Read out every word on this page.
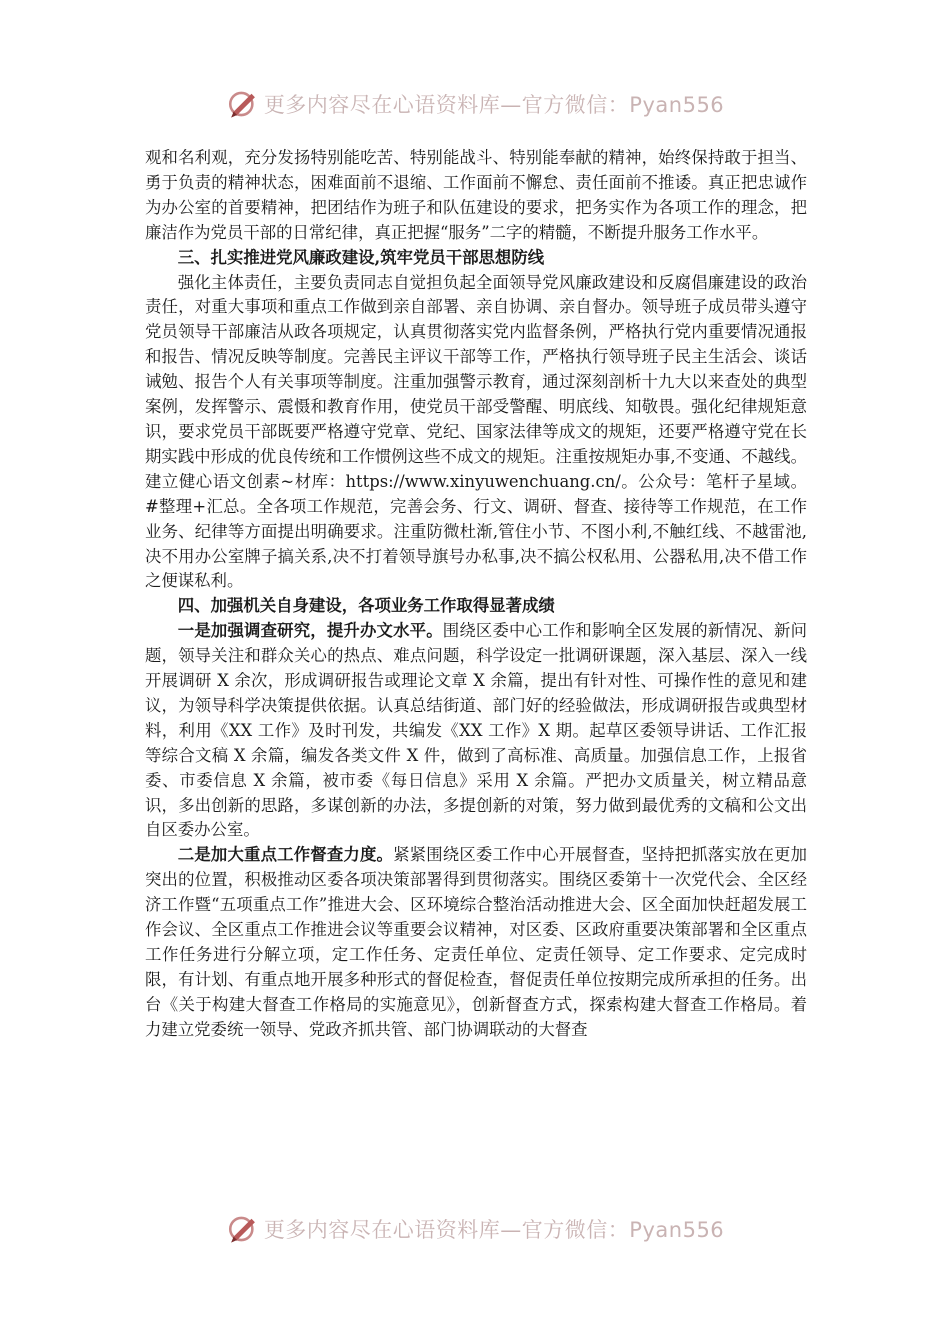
更多内容尽在心语资料库—官方微信：Pyan556

观和名利观，充分发扬特别能吃苦、特别能战斗、特别能奉献的精神，始终保持敢于担当、勇于负责的精神状态，困难面前不退缩、工作面前不懈怠、责任面前不推诿。真正把忠诚作为办公室的首要精神，把团结作为班子和队伍建设的要求，把务实作为各项工作的理念，把廉洁作为党员干部的日常纪律，真正把握“服务”二字的精髓，不断提升服务工作水平。

三、扎实推进党风廉政建设,筑牢党员干部思想防线

强化主体责任，主要负责同志自觉担负起全面领导党风廉政建设和反腐倡廉建设的政治责任，对重大事项和重点工作做到亲自部署、亲自协调、亲自督办。领导班子成员带头遵守党员领导干部廉洁从政各项规定，认真贯彻落实党内监督条例，严格执行党内重要情况通报和报告、情况反映等制度。完善民主评议干部等工作，严格执行领导班子民主生活会、谈话诫勉、报告个人有关事项等制度。注重加强警示教育，通过深刻剖析十九大以来查处的典型案例，发挥警示、震慑和教育作用，使党员干部受警醒、明底线、知敬畏。强化纪律规矩意识，要求党员干部既要严格遵守党章、党纪、国家法律等成文的规矩，还要严格遵守党在长期实践中形成的优良传统和工作惯例这些不成文的规矩。注重按规矩办事,不变通、不越线。建立健心语文创素~材库：https://www.xinyuwenchuang.cn/。公众号：笔杆子星域。#整理+汇总。全各项工作规范，完善会务、行文、调研、督查、接待等工作规范，在工作业务、纪律等方面提出明确要求。注重防微杜渐,管住小节、不图小利,不触红线、不越雷池,决不用办公室牌子搞关系,决不打着领导旗号办私事,决不搞公权私用、公器私用,决不借工作之便谋私利。

四、加强机关自身建设，各项业务工作取得显著成绩

一是加强调查研究，提升办文水平。围绕区委中心工作和影响全区发展的新情况、新问题，领导关注和群众关心的热点、难点问题，科学设定一批调研课题，深入基层、深入一线开展调研 X 余次，形成调研报告或理论文章 X 余篇，提出有针对性、可操作性的意见和建议，为领导科学决策提供依据。认真总结街道、部门好的经验做法，形成调研报告或典型材料，利用《XX 工作》及时刊发，共编发《XX 工作》X 期。起草区委领导讲话、工作汇报等综合文稿 X 余篇，编发各类文件 X 件，做到了高标准、高质量。加强信息工作，上报省委、市委信息 X 余篇，被市委《每日信息》采用 X 余篇。严把办文质量关，树立精品意识，多出创新的思路，多谋创新的办法，多提创新的对策，努力做到最优秀的文稿和公文出自区委办公室。

二是加大重点工作督查力度。紧紧围绕区委工作中心开展督查，坚持把抓落实放在更加突出的位置，积极推动区委各项决策部署得到贯彻落实。围绕区委第十一次党代会、全区经济工作暨“五项重点工作”推进大会、区环境综合整治活动推进大会、区全面加快赶超发展工作会议、全区重点工作推进会议等重要会议精神，对区委、区政府重要决策部署和全区重点工作任务进行分解立项，定工作任务、定责任单位、定责任领导、定工作要求、定完成时限，有计划、有重点地开展多种形式的督促检查，督促责任单位按期完成所承担的任务。出台《关于构建大督查工作格局的实施意见》，创新督查方式，探索构建大督查工作格局。着力建立党委统一领导、党政齐抓共管、部门协调联动的大督查

更多内容尽在心语资料库—官方微信：Pyan556
